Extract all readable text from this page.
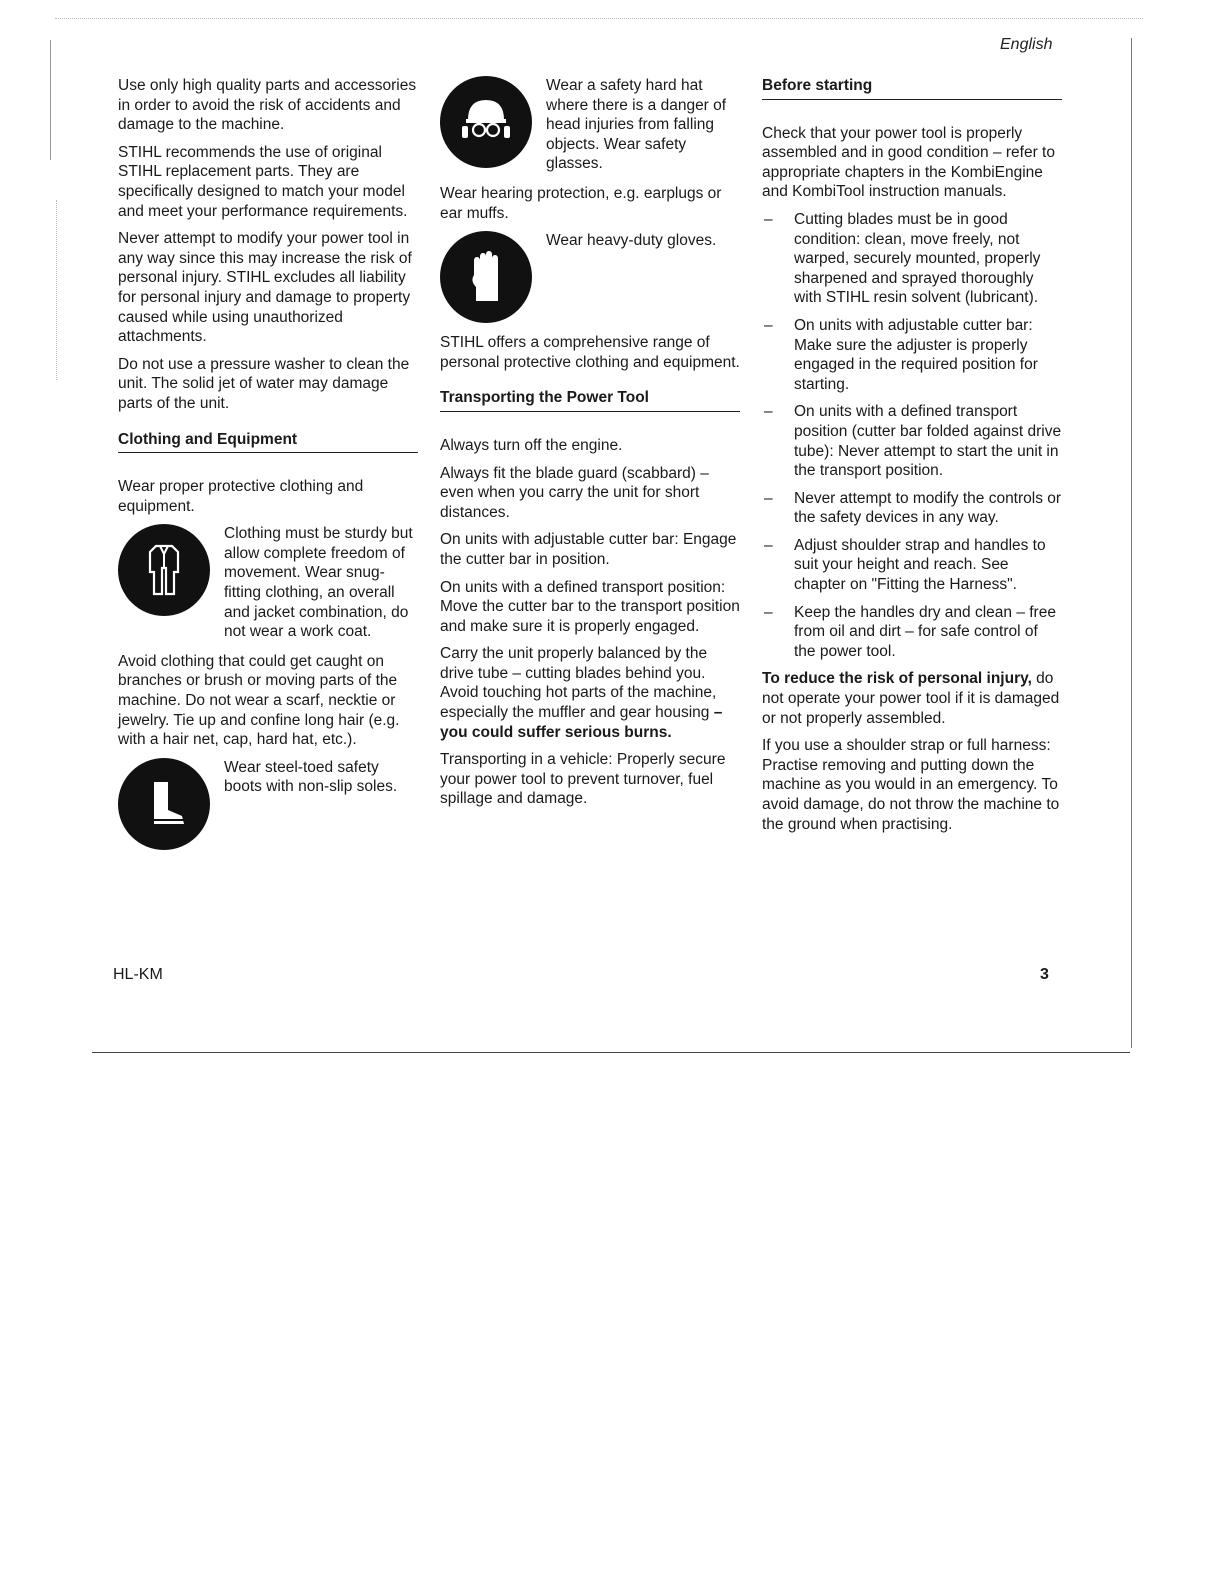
English

Use only high quality parts and accessories in order to avoid the risk of accidents and damage to the machine.

STIHL recommends the use of original STIHL replacement parts. They are specifically designed to match your model and meet your performance requirements.

Never attempt to modify your power tool in any way since this may increase the risk of personal injury. STIHL excludes all liability for personal injury and damage to property caused while using unauthorized attachments.

Do not use a pressure washer to clean the unit. The solid jet of water may damage parts of the unit.

Clothing and Equipment

Wear proper protective clothing and equipment.

Clothing must be sturdy but allow complete freedom of movement. Wear snug-fitting clothing, an overall and jacket combination, do not wear a work coat.

Avoid clothing that could get caught on branches or brush or moving parts of the machine. Do not wear a scarf, necktie or jewelry. Tie up and confine long hair (e.g. with a hair net, cap, hard hat, etc.).

Wear steel-toed safety boots with non-slip soles.
Wear a safety hard hat where there is a danger of head injuries from falling objects. Wear safety glasses.

Wear hearing protection, e.g. earplugs or ear muffs.

Wear heavy-duty gloves.

STIHL offers a comprehensive range of personal protective clothing and equipment.

Transporting the Power Tool

Always turn off the engine.

Always fit the blade guard (scabbard) – even when you carry the unit for short distances.

On units with adjustable cutter bar: Engage the cutter bar in position.

On units with a defined transport position: Move the cutter bar to the transport position and make sure it is properly engaged.

Carry the unit properly balanced by the drive tube – cutting blades behind you. Avoid touching hot parts of the machine, especially the muffler and gear housing – you could suffer serious burns.

Transporting in a vehicle: Properly secure your power tool to prevent turnover, fuel spillage and damage.

Before starting

Check that your power tool is properly assembled and in good condition – refer to appropriate chapters in the KombiEngine and KombiTool instruction manuals.

– Cutting blades must be in good condition: clean, move freely, not warped, securely mounted, properly sharpened and sprayed thoroughly with STIHL resin solvent (lubricant).
– On units with adjustable cutter bar: Make sure the adjuster is properly engaged in the required position for starting.
– On units with a defined transport position (cutter bar folded against drive tube): Never attempt to start the unit in the transport position.
– Never attempt to modify the controls or the safety devices in any way.
– Adjust shoulder strap and handles to suit your height and reach. See chapter on "Fitting the Harness".
– Keep the handles dry and clean – free from oil and dirt – for safe control of the power tool.

To reduce the risk of personal injury, do not operate your power tool if it is damaged or not properly assembled.

If you use a shoulder strap or full harness: Practise removing and putting down the machine as you would in an emergency. To avoid damage, do not throw the machine to the ground when practising.

HL-KM	3
